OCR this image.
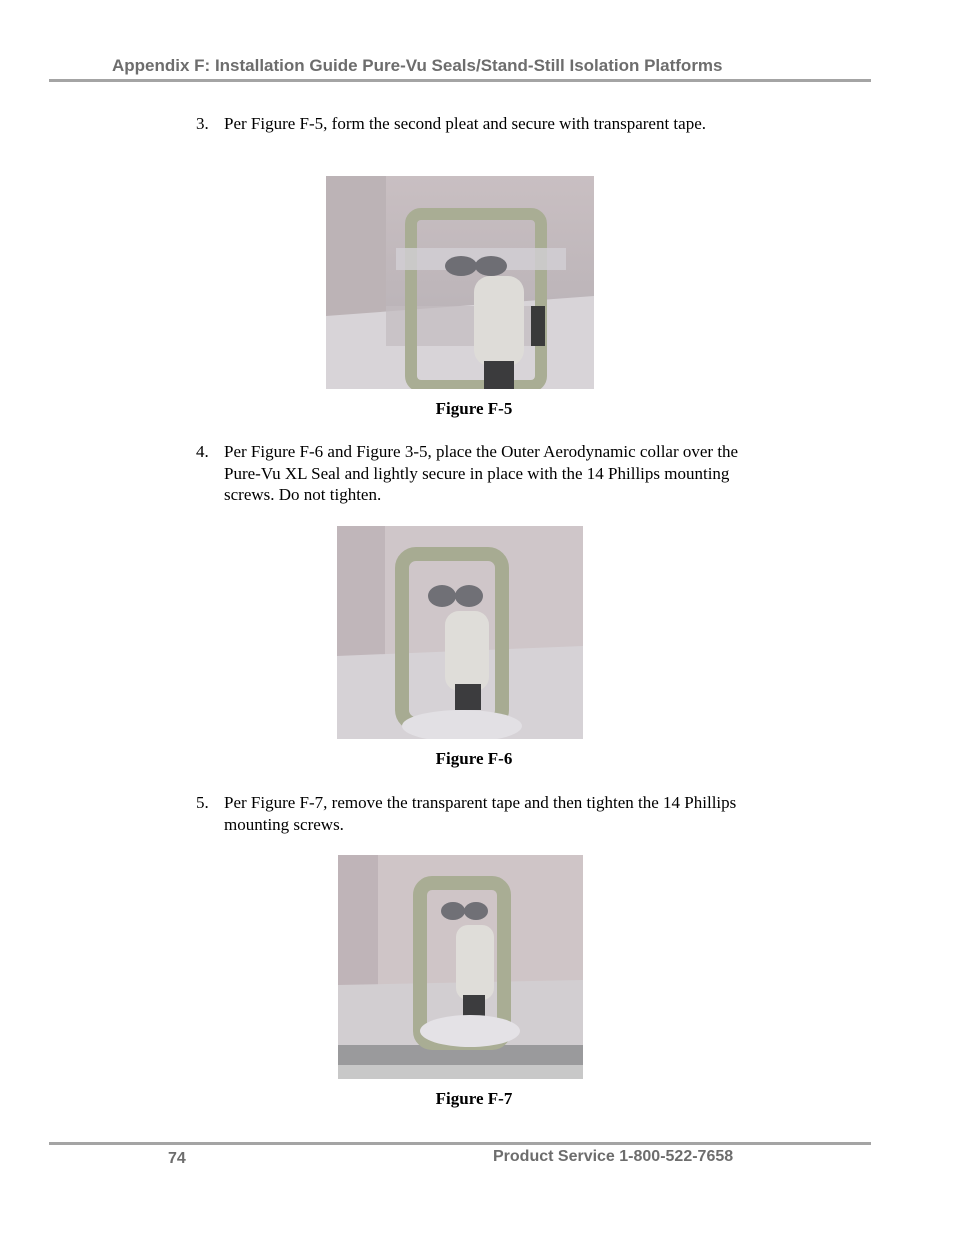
Appendix F: Installation Guide Pure-Vu Seals/Stand-Still Isolation Platforms
3. Per Figure F-5, form the second pleat and secure with transparent tape.
Figure F-5
4. Per Figure F-6 and Figure 3-5, place the Outer Aerodynamic collar over the Pure-Vu XL Seal and lightly secure in place with the 14 Phillips mounting screws. Do not tighten.
Figure F-6
5. Per Figure F-7, remove the transparent tape and then tighten the 14 Phillips mounting screws.
Figure F-7
74	Product Service 1-800-522-7658
